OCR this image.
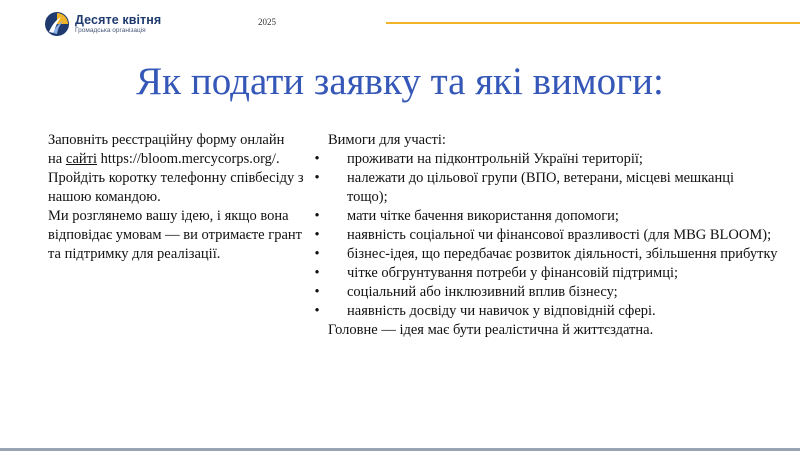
Десяте квітня
Громадська організація
2025
Як подати заявку та які вимоги:

Заповніть реєстраційну форму онлайн
на сайті https://bloom.mercycorps.org/.

Пройдіть коротку телефонну співбесіду з нашою командою.

Ми розглянемо вашу ідею, і якщо вона відповідає умовам — ви отримаєте грант та підтримку для реалізації.

Вимоги для участі:

• проживати на підконтрольній Україні території;
• належати до цільової групи (ВПО, ветерани, місцеві мешканці тощо);
• мати чітке бачення використання допомоги;
• наявність соціальної чи фінансової вразливості (для MBG BLOOM);
• бізнес-ідея, що передбачає розвиток діяльності, збільшення прибутку
• чітке обгрунтування потреби у фінансовій підтримці;
• соціальний або інклюзивний вплив бізнесу;
• наявність досвіду чи навичок у відповідній сфері.

Головне — ідея має бути реалістична й життєздатна.
